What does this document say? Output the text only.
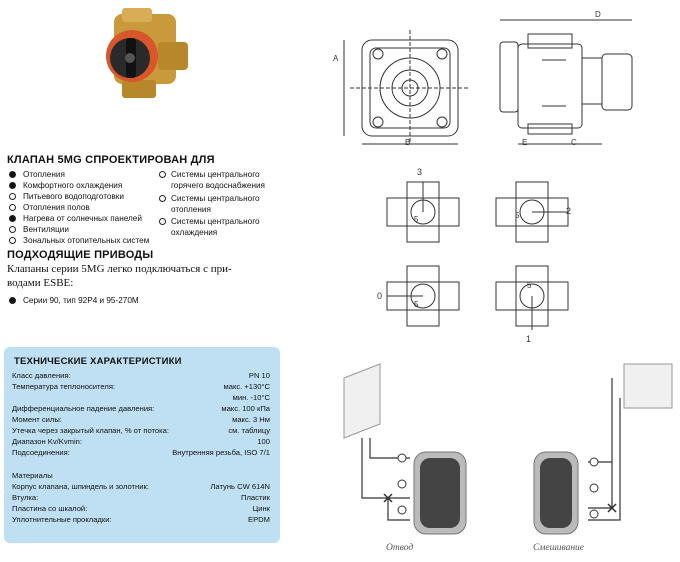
КЛАПАН 5MG СПРОЕКТИРОВАН ДЛЯ
Отопления
Комфортного охлаждения
Питьевого водоподготовки
Отопления полов
Нагрева от солнечных панелей
Вентиляции
Зональных отопительных систем
Системы центрального
горячего водоснабжения
Системы центрального
отопления
Системы центрального
охлаждения
ПОДХОДЯЩИЕ ПРИВОДЫ
Клапаны серии 5MG легко подключаться с при-
водами ESBE:
Серии 90, тип 92P4 и 95-270M
ТЕХНИЧЕСКИЕ ХАРАКТЕРИСТИКИ
Класс давления:	PN 10
Температура теплоносителя:	макс. +130°C
мин. -10°C
Дифференциальное падение давления:	макс. 100 кПа
Момент силы:	макс. 3 Нм
Утечка через закрытый клапан, % от потока:	см. таблицу
Диапазон Kv/Kvmin:	100
Подсоединения:	Внутренняя резьба, ISO 7/1
Материалы
Корпус клапана, шпиндель и золотник:	Латунь CW 614N
Втулка:	Пластик
Пластина со шкалой:	Цинк
Уплотнительные прокладки:	EPDM
A
B
D
E	C
3
5
2
5
0
5
1
5
Отвод	Смешивание
